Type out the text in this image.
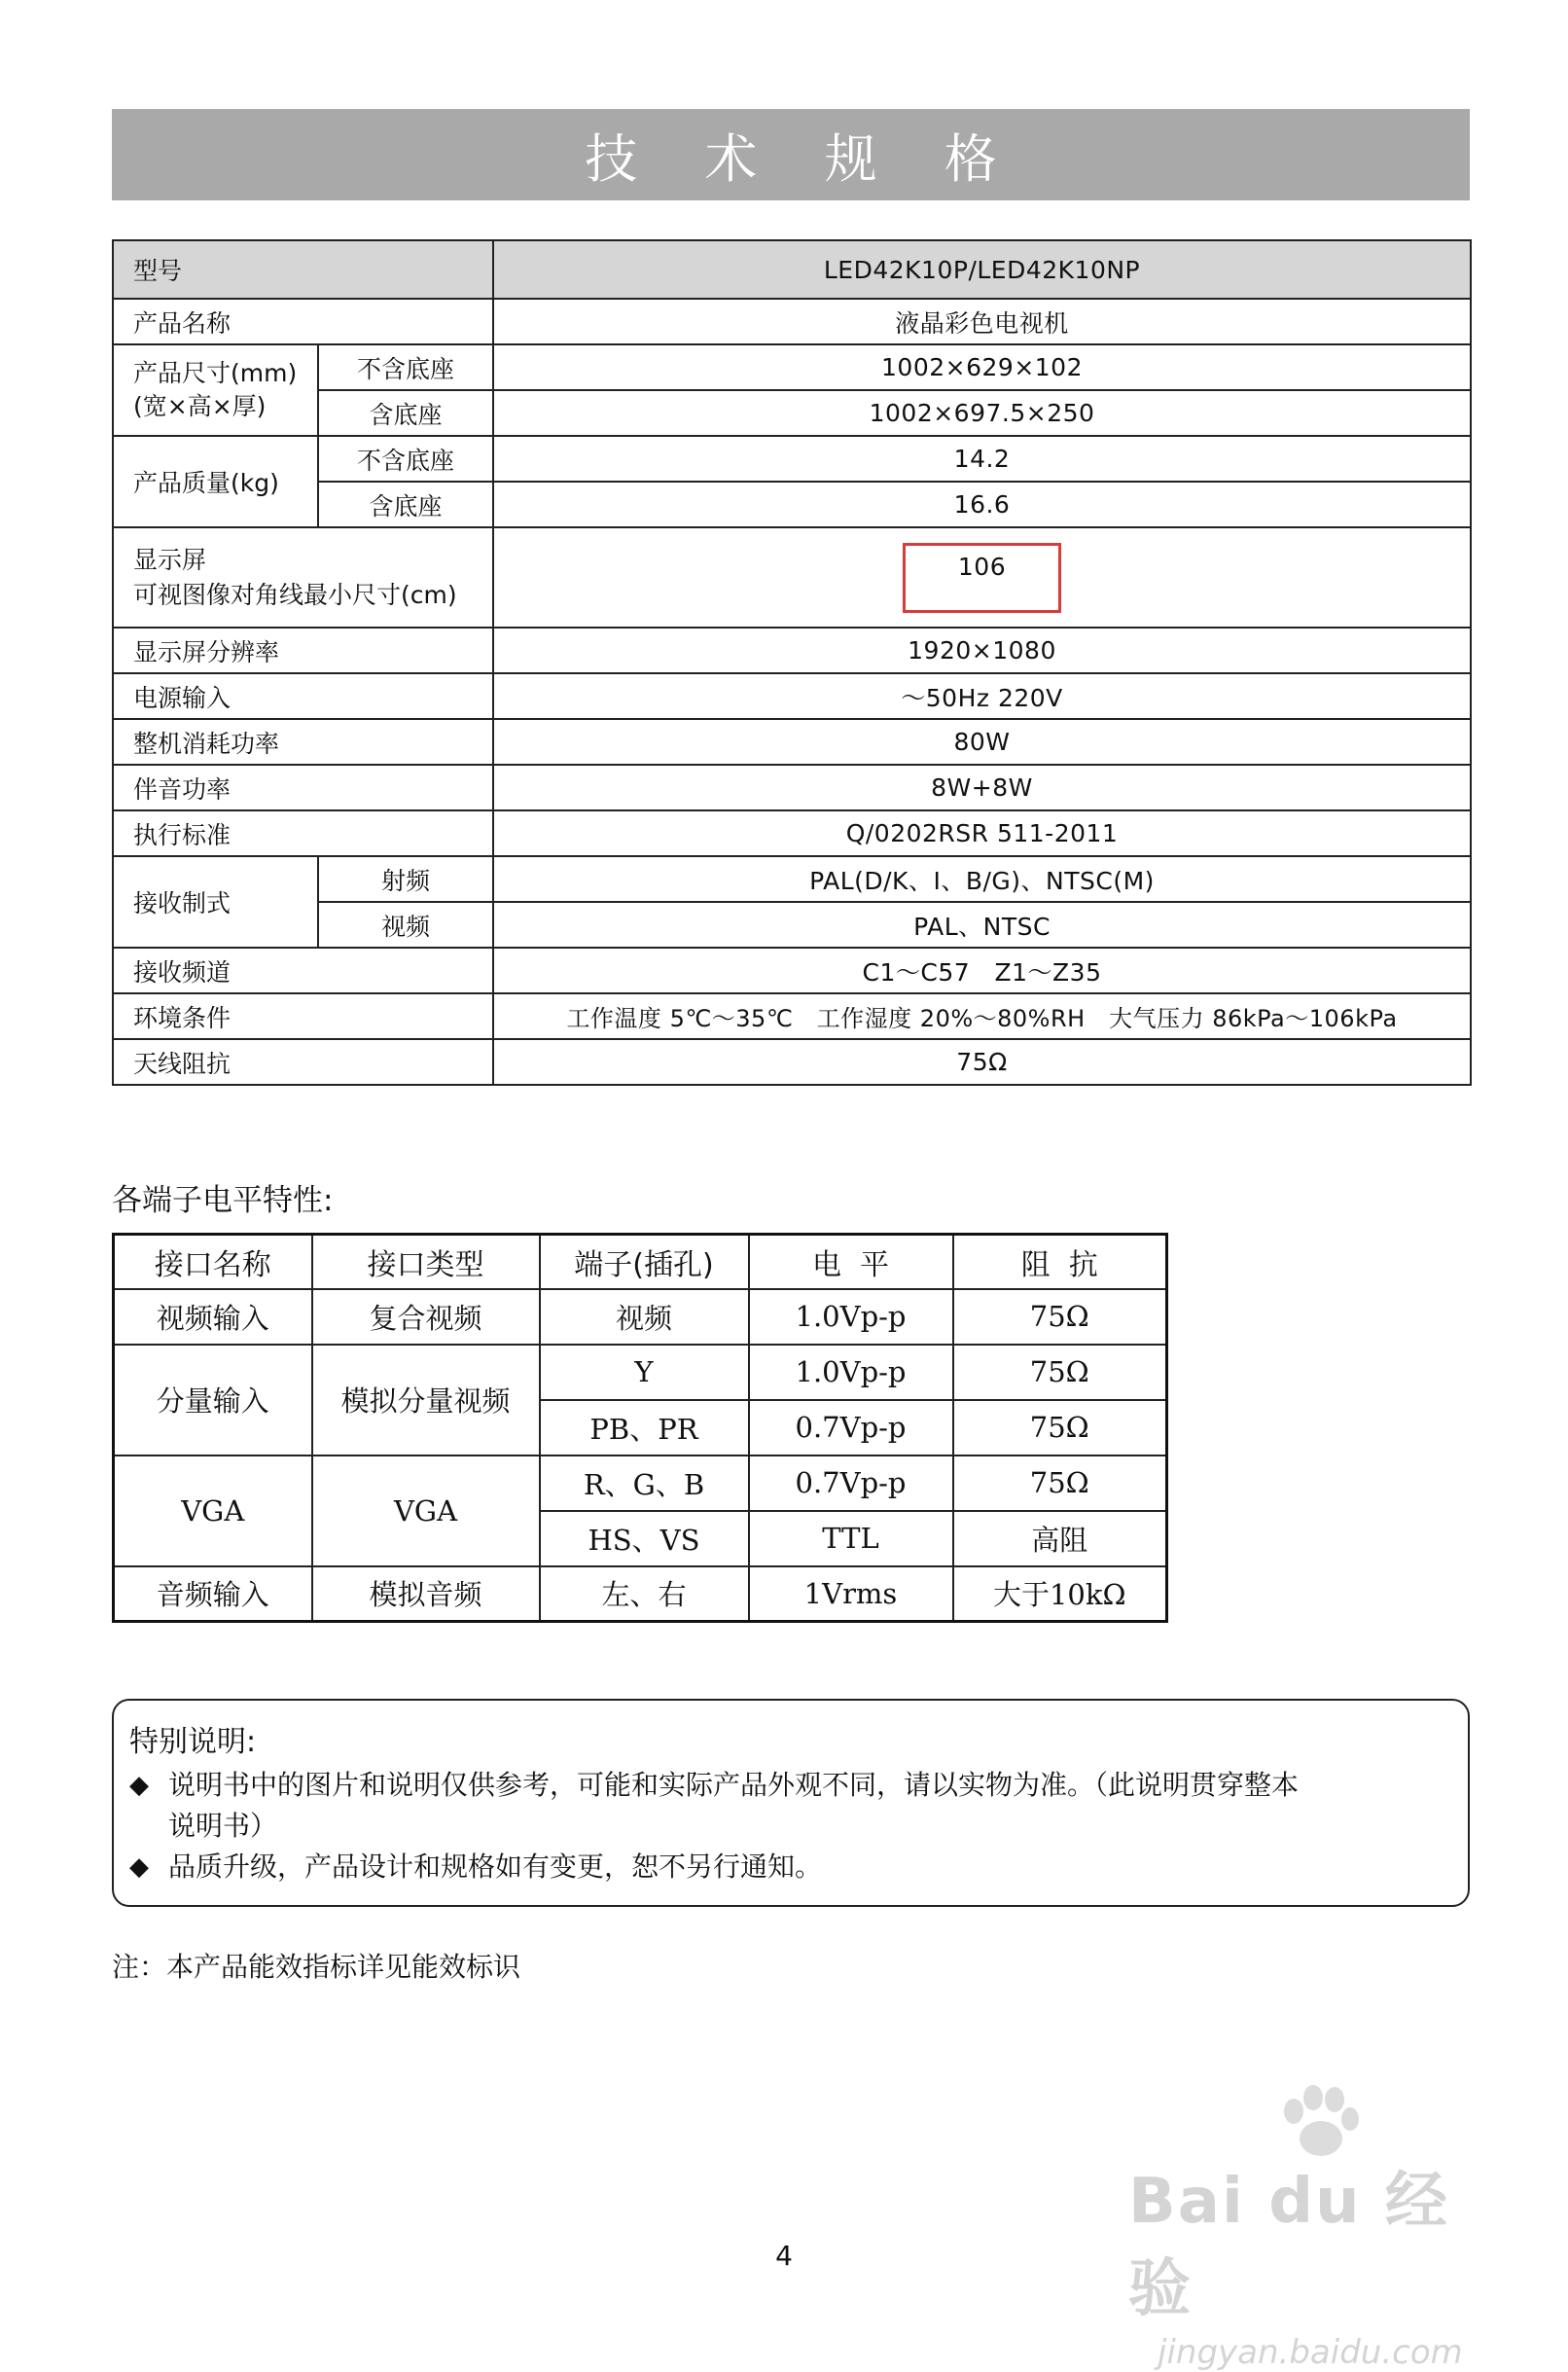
技 术 规 格
型号		LED42K10P/LED42K10NP
产品名称		液晶彩色电视机

产品尺寸(mm)
(宽×高×厚)	不含底座	1002×629×102
	含底座	1002×697.5×250
产品质量(kg)	不含底座	14.2
	含底座	16.6

显示屏
可视图像对角线最小尺寸(cm)		106
显示屏分辨率		1920×1080
电源输入		～50Hz 220V
整机消耗功率		80W
伴音功率		8W+8W
执行标准		Q/0202RSR 511-2011
接收制式	射频	PAL(D/K、I、B/G)、NTSC(M)
	视频	PAL、NTSC
接收频道		C1～C57   Z1～Z35
环境条件		工作温度 5℃～35℃   工作湿度 20%～80%RH   大气压力 86kPa～106kPa
天线阻抗		75Ω
各端子电平特性:
接口名称	接口类型	端子(插孔)	电  平	阻  抗
视频输入	复合视频	视频	1.0Vp-p	75Ω
分量输入	模拟分量视频	Y	1.0Vp-p	75Ω
		PB、PR	0.7Vp-p	75Ω
VGA	VGA	R、G、B	0.7Vp-p	75Ω
		HS、VS	TTL	高阻
音频输入	模拟音频	左、右	1Vrms	大于10kΩ
特别说明:
◆ 说明书中的图片和说明仅供参考，可能和实际产品外观不同，请以实物为准。（此说明贯穿整本
说明书）
◆ 品质升级，产品设计和规格如有变更，恕不另行通知。
注：本产品能效指标详见能效标识
Bai du 经验
jingyan.baidu.com
4
